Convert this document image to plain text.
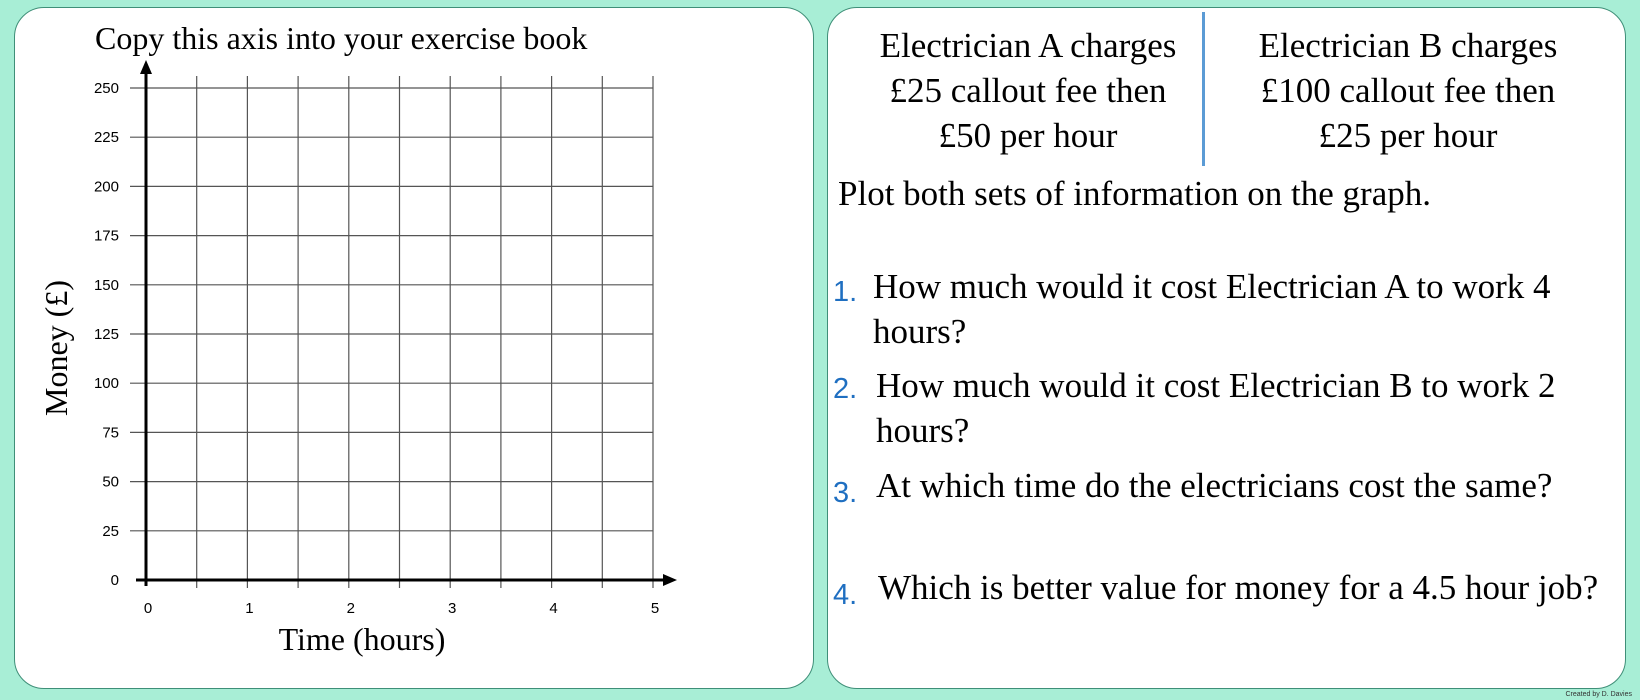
Copy this axis into your exercise book
0	1	2	3	4	5
0
25
50
75
100
125
150
175
200
225
250
Time (hours)
Money (£)
Electrician A charges
£25 callout fee then
£50 per hour
Electrician B charges
£100 callout fee then
£25 per hour
Plot both sets of information on the graph.
1. How much would it cost Electrician A to work 4 hours?
2. How much would it cost Electrician B to work 2 hours?
3. At which time do the electricians cost the same?
4. Which is better value for money for a 4.5 hour job?
Created by D. Davies
